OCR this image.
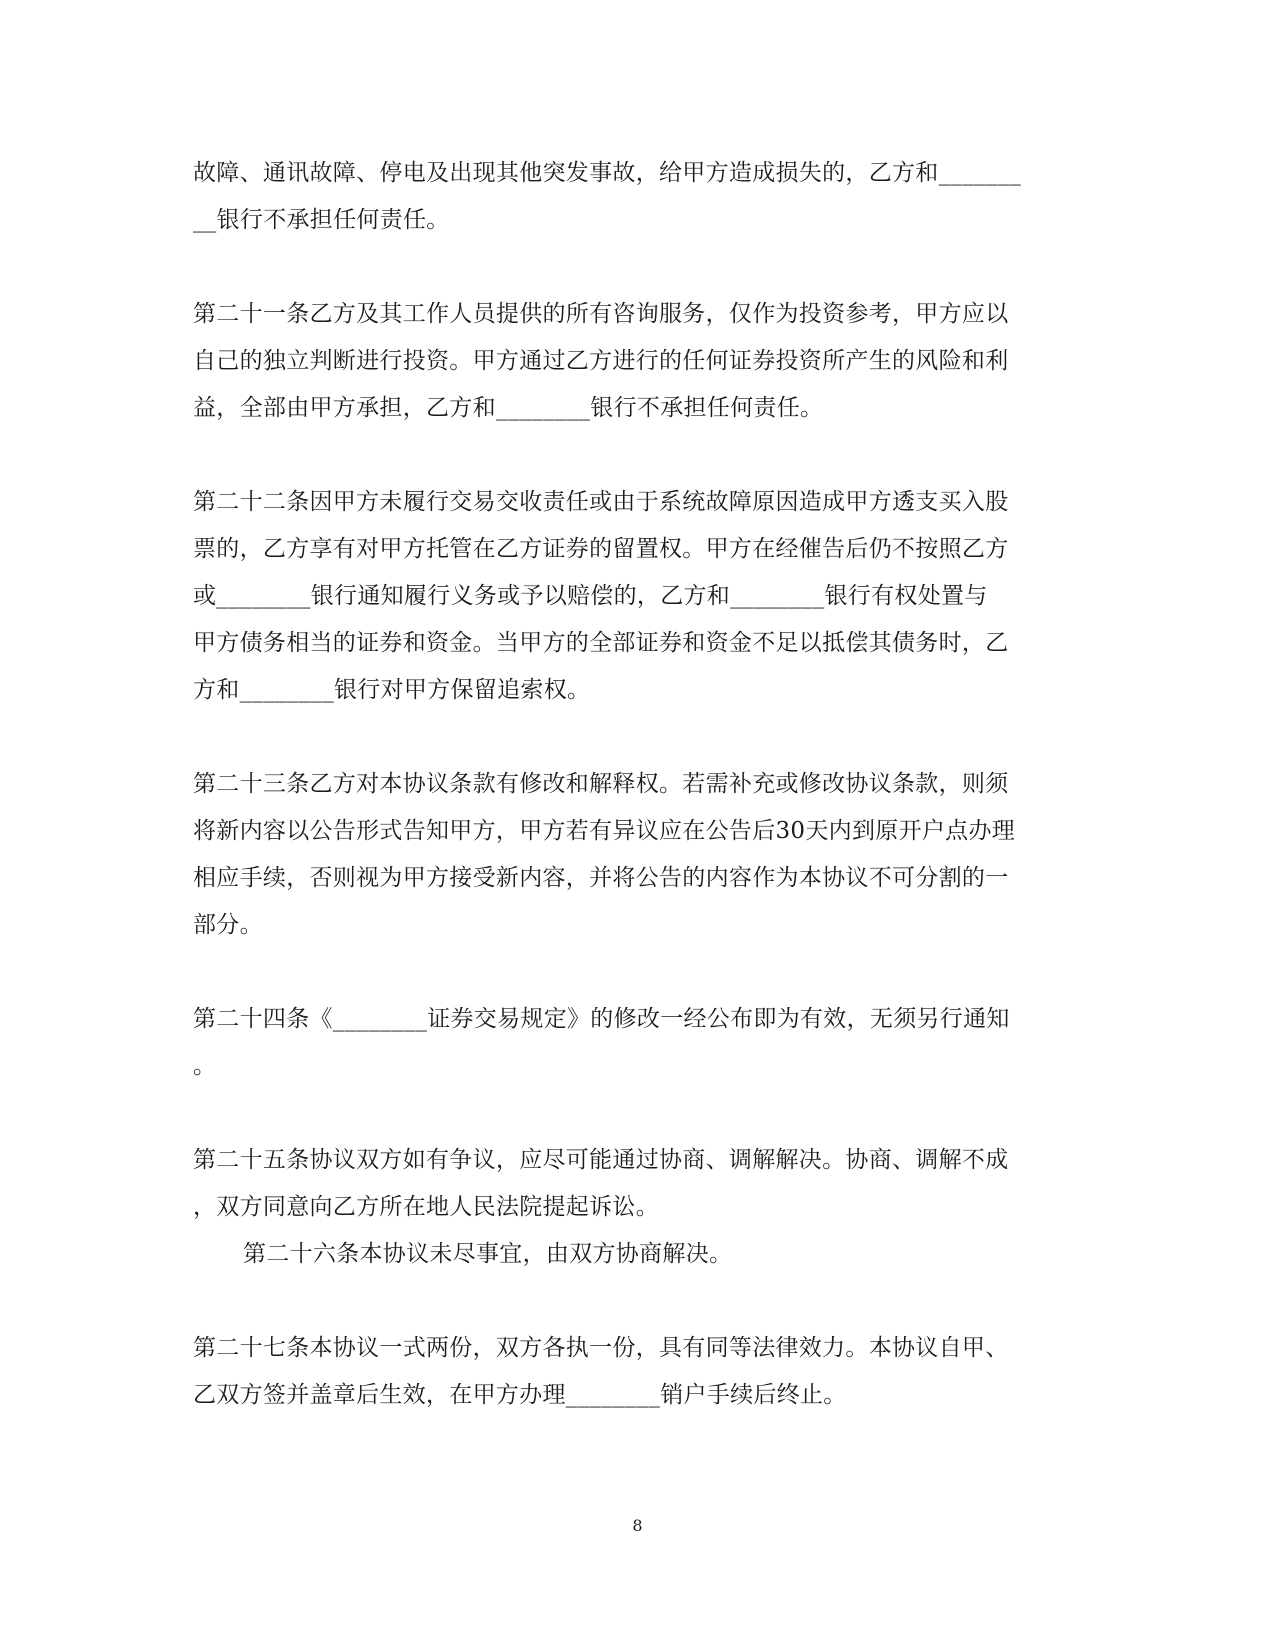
故障、通讯故障、停电及出现其他突发事故，给甲方造成损失的，乙方和_______
__银行不承担任何责任。
第二十一条乙方及其工作人员提供的所有咨询服务，仅作为投资参考，甲方应以
自己的独立判断进行投资。甲方通过乙方进行的任何证券投资所产生的风险和利
益，全部由甲方承担，乙方和________银行不承担任何责任。
第二十二条因甲方未履行交易交收责任或由于系统故障原因造成甲方透支买入股
票的，乙方享有对甲方托管在乙方证券的留置权。甲方在经催告后仍不按照乙方
或________银行通知履行义务或予以赔偿的，乙方和________银行有权处置与
甲方债务相当的证券和资金。当甲方的全部证券和资金不足以抵偿其债务时，乙
方和________银行对甲方保留追索权。
第二十三条乙方对本协议条款有修改和解释权。若需补充或修改协议条款，则须
将新内容以公告形式告知甲方，甲方若有异议应在公告后30天内到原开户点办理
相应手续，否则视为甲方接受新内容，并将公告的内容作为本协议不可分割的一
部分。
第二十四条《________证券交易规定》的修改一经公布即为有效，无须另行通知
。
第二十五条协议双方如有争议，应尽可能通过协商、调解解决。协商、调解不成
，双方同意向乙方所在地人民法院提起诉讼。
第二十六条本协议未尽事宜，由双方协商解决。
第二十七条本协议一式两份，双方各执一份，具有同等法律效力。本协议自甲、
乙双方签并盖章后生效，在甲方办理________销户手续后终止。
8
